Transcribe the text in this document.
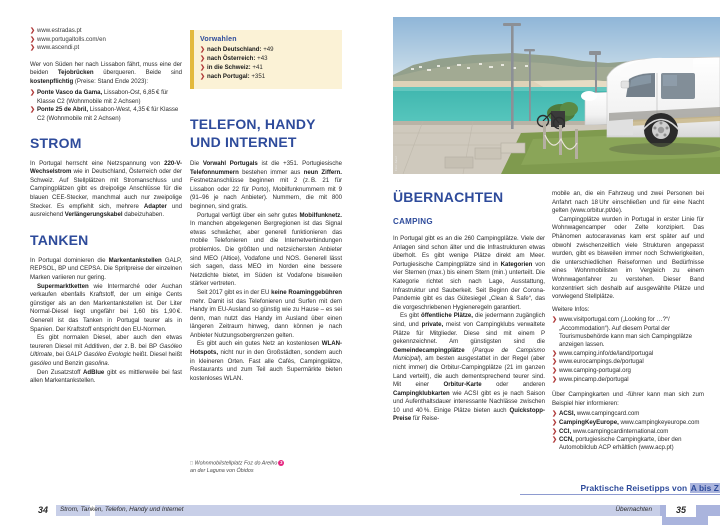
❯ www.estradas.pt
❯ www.portugaltolls.com/en
❯ www.ascendi.pt

Wer von Süden her nach Lissabon fährt, muss eine der beiden Tejobrücken überqueren. Beide sind kostenpflichtig (Preise: Stand Ende 2023):

❯ Ponte Vasco da Gama, Lissabon-Ost, 6,85 € für Klasse C2 (Wohnmobile mit 2 Achsen)
❯ Ponte 25 de Abril, Lissabon-West, 4,35 € für Klasse C2 (Wohnmobile mit 2 Achsen)
STROM

In Portugal herrscht eine Netzspannung von 220-V-Wechselstrom wie in Deutschland, Österreich oder der Schweiz. Auf Stellplätzen mit Stromanschluss und Campingplätzen gibt es dreipolige Anschlüsse für die blauen CEE-Stecker, manchmal auch nur zweipolige Stecker. Es empfiehlt sich, mehrere Adapter und ausreichend Verlängerungskabel dabeizuhaben.

TANKEN

In Portugal dominieren die Markentankstellen GALP, REPSOL, BP und CEPSA. Die Spritpreise der einzelnen Marken variieren nur gering.

Supermarktketten wie Intermarché oder Auchan verkaufen ebenfalls Kraftstoff, der um einige Cents günstiger als an den Markentankstellen ist. Der Liter Normal-Diesel liegt ungefähr bei 1,60 bis 1,90 €. Generell ist das Tanken in Portugal teurer als in Spanien. Der Kraftstoff entspricht den EU-Normen.

Es gibt normalen Diesel, aber auch den etwas teureren Diesel mit Additiven, der z. B. bei BP Gasóleo Ultimate, bei GALP Gasóleo Evologic heißt. Diesel heißt gasóleo und Benzin gasolina.

Den Zusatzstoff AdBlue gibt es mittlerweile bei fast allen Markentankstellen.

Vorwahlen
❯ nach Deutschland: +49
❯ nach Österreich: +43
❯ in die Schweiz: +41
❯ nach Portugal: +351
TELEFON, HANDY
UND INTERNET

Die Vorwahl Portugals ist die +351. Portugiesische Telefonnummern bestehen immer aus neun Ziffern. Festnetzanschlüsse beginnen mit 2 (z. B. 21 für Lissabon oder 22 für Porto), Mobilfunknummern mit 9 (91–96 je nach Anbieter). Nummern, die mit 800 beginnen, sind gratis.

Portugal verfügt über ein sehr gutes Mobilfunknetz. In manchen abgelegenen Bergregionen ist das Signal etwas schwächer, aber generell funktionieren das mobile Telefonieren und die Internetverbindungen problemlos. Die größten und netzsichersten Anbieter sind MEO (Altice), Vodafone und NOS. Generell lässt sich sagen, dass MEO im Norden eine bessere Netzdichte bietet, im Süden ist Vodafone bisweilen stärker vertreten.

Seit 2017 gibt es in der EU keine Roaminggebühren mehr. Damit ist das Telefonieren und Surfen mit dem Handy im EU-Ausland so günstig wie zu Hause – es sei denn, man nutzt das Handy im Ausland über einen längeren Zeitraum hinweg, dann können je nach Anbieter Nutzungsobergrenzen gelten.

Es gibt auch ein gutes Netz an kostenlosen WLAN-Hotspots, nicht nur in den Großstädten, sondern auch in kleineren Orten. Fast alle Cafés, Campingplätze, Restaurants und zum Teil auch Supermärkte bieten kostenloses WLAN.

□ Wohnmobilstellplatz Foz do Arelho 3
an der Laguna von Óbidos
34	Strom, Tanken, Telefon, Handy und Internet
Foto: Autor
ÜBERNACHTEN
CAMPING

In Portugal gibt es an die 260 Campingplätze. Viele der Anlagen sind schon älter und die Infrastrukturen etwas überholt. Es gibt wenige Plätze direkt am Meer. Portugiesische Campingplätze sind in Kategorien von vier Sternen (max.) bis einem Stern (min.) unterteilt. Die Kategorie richtet sich nach Lage, Ausstattung, Infrastruktur und Sauberkeit. Seit Beginn der Corona-Pandemie gibt es das Gütesiegel „Clean & Safe“, das die vorgeschriebenen Hygieneregeln garantiert.

Es gibt öffentliche Plätze, die jedermann zugänglich sind, und private, meist von Campingklubs verwaltete Plätze für Mitglieder. Diese sind mit einem P gekennzeichnet. Am günstigsten sind die Gemeindecampingplätze (Parque de Campismo Municipal), am besten ausgestattet in der Regel (aber nicht immer) die Orbitur-Campingplätze (21 im ganzen Land verteilt), die auch dementsprechend teurer sind. Mit einer Orbitur-Karte oder anderen Campingklubkarten wie ACSI gibt es je nach Saison und Aufenthaltsdauer interessante Nachlässe zwischen 10 und 40 %. Einige Plätze bieten auch Quickstopp-Preise für Reise-

mobile an, die ein Fahrzeug und zwei Personen bei Anfahrt nach 18 Uhr einschließen und für eine Nacht gelten (www.orbitur.pt/de).

Campingplätze wurden in Portugal in erster Linie für Wohnwagencamper oder Zelte konzipiert. Das Phänomen autocaravanas kam erst später auf und obwohl zwischenzeitlich viele Strukturen angepasst wurden, gibt es bisweilen immer noch Schwierigkeiten, die unterschiedlichen Reiseformen und Bedürfnisse eines Wohnmobilisten im Vergleich zu einem Wohnwagenfahrer zu verstehen. Dieser Band konzentriert sich deshalb auf ausgewählte Plätze und vorwiegend Stellplätze.

Weitere Infos:

❯ www.visitportugal.com („Looking for …?“/„Accommodation“). Auf diesem Portal der Tourismusbehörde kann man sich Campingplätze anzeigen lassen.
❯ www.camping.info/de/land/portugal
❯ www.eurocampings.de/portugal
❯ www.camping-portugal.org
❯ www.pincamp.de/portugal

Über Campingkarten und -führer kann man sich zum Beispiel hier informieren:

❯ ACSI, www.campingcard.com
❯ CampingKeyEurope, www.campingkeyeurope.com
❯ CCI, www.campingcardinternational.com
❯ CCN, portugiesische Campingkarte, über den Automobilclub ACP erhältlich (www.acp.pt)
Praktische Reisetipps von A bis Z
35
Übernachten
